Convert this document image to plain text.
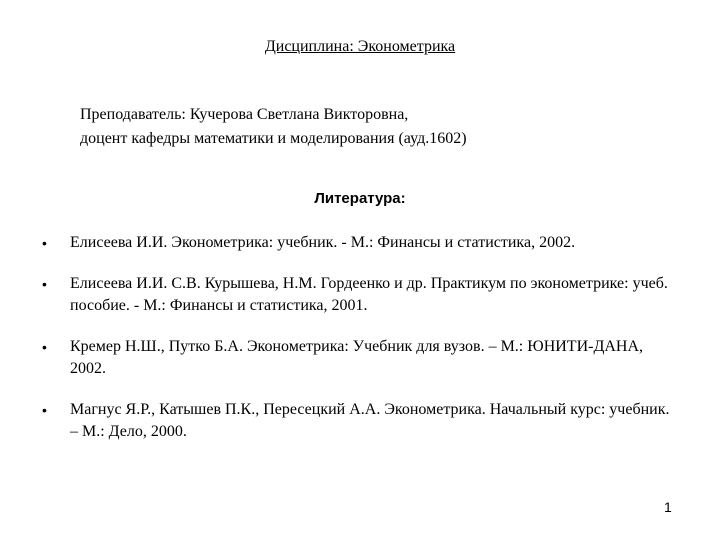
Дисциплина: Эконометрика
Преподаватель: Кучерова Светлана Викторовна,
доцент кафедры математики и моделирования (ауд.1602)
Литература:
• Елисеева И.И. Эконометрика: учебник. - М.: Финансы и статистика, 2002.
• Елисеева И.И. С.В. Курышева, Н.М. Гордеенко и др. Практикум по эконометрике: учеб. пособие. - М.: Финансы и статистика, 2001.
• Кремер Н.Ш., Путко Б.А. Эконометрика: Учебник для вузов. – М.: ЮНИТИ-ДАНА, 2002.
• Магнус Я.Р., Катышев П.К., Пересецкий А.А. Эконометрика. Начальный курс: учебник. – М.: Дело, 2000.
1
